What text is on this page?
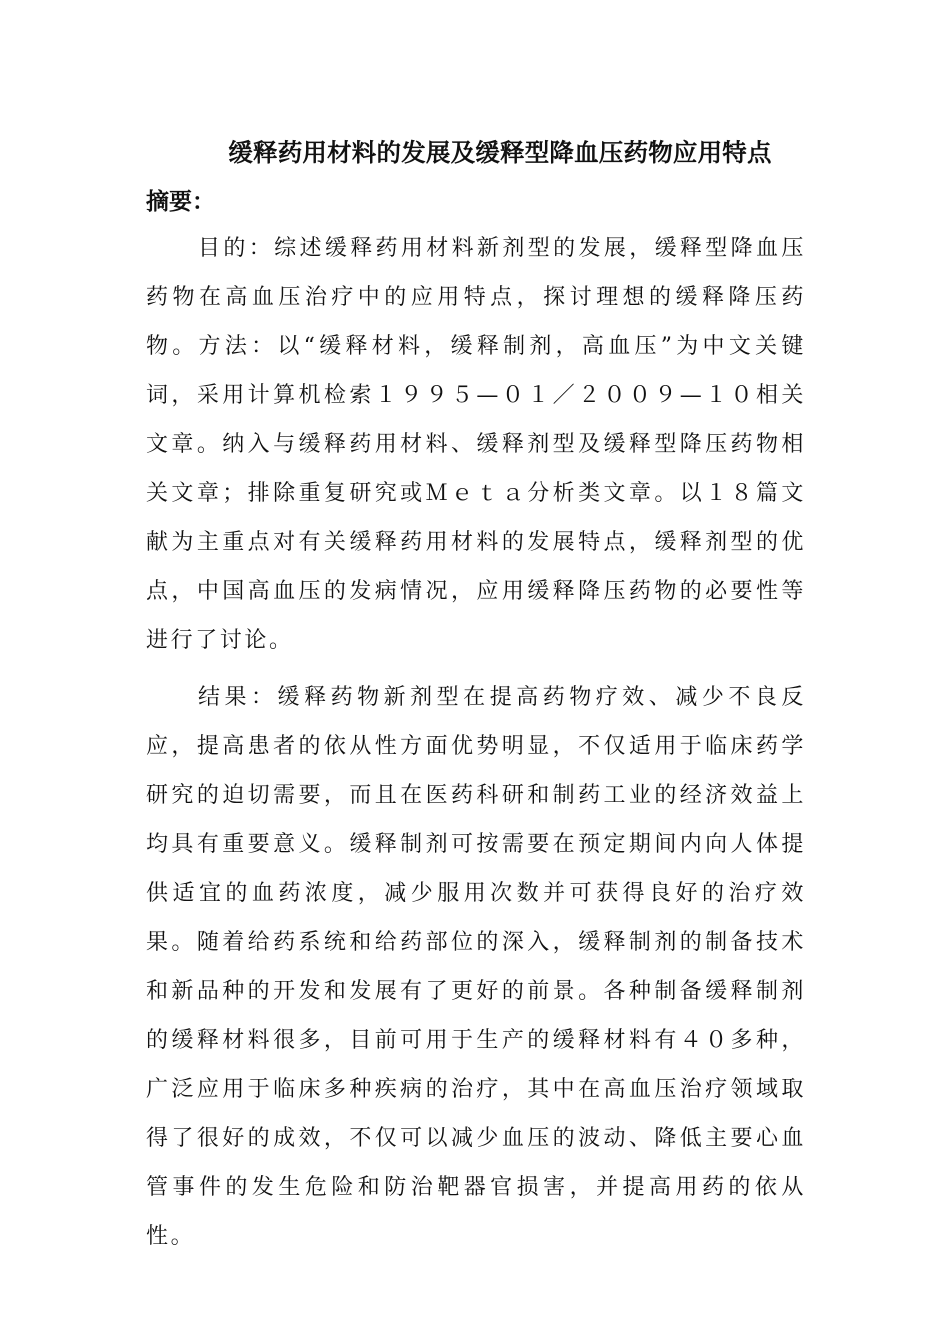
缓释药用材料的发展及缓释型降血压药物应用特点
摘要：

目的：综述缓释药用材料新剂型的发展，缓释型降血压药物在高血压治疗中的应用特点，探讨理想的缓释降压药物。方法：以“缓释材料，缓释制剂，高血压”为中文关键词，采用计算机检索１９９５—０１／２００９—１０相关文章。纳入与缓释药用材料、缓释剂型及缓释型降压药物相关文章；排除重复研究或Ｍｅｔａ分析类文章。以１８篇文献为主重点对有关缓释药用材料的发展特点，缓释剂型的优点，中国高血压的发病情况，应用缓释降压药物的必要性等进行了讨论。

结果：缓释药物新剂型在提高药物疗效、减少不良反应，提高患者的依从性方面优势明显，不仅适用于临床药学研究的迫切需要，而且在医药科研和制药工业的经济效益上均具有重要意义。缓释制剂可按需要在预定期间内向人体提供适宜的血药浓度，减少服用次数并可获得良好的治疗效果。随着给药系统和给药部位的深入，缓释制剂的制备技术和新品种的开发和发展有了更好的前景。各种制备缓释制剂的缓释材料很多，目前可用于生产的缓释材料有４０多种，广泛应用于临床多种疾病的治疗，其中在高血压治疗领域取得了很好的成效，不仅可以减少血压的波动、降低主要心血管事件的发生危险和防治靶器官损害，并提高用药的依从性。
